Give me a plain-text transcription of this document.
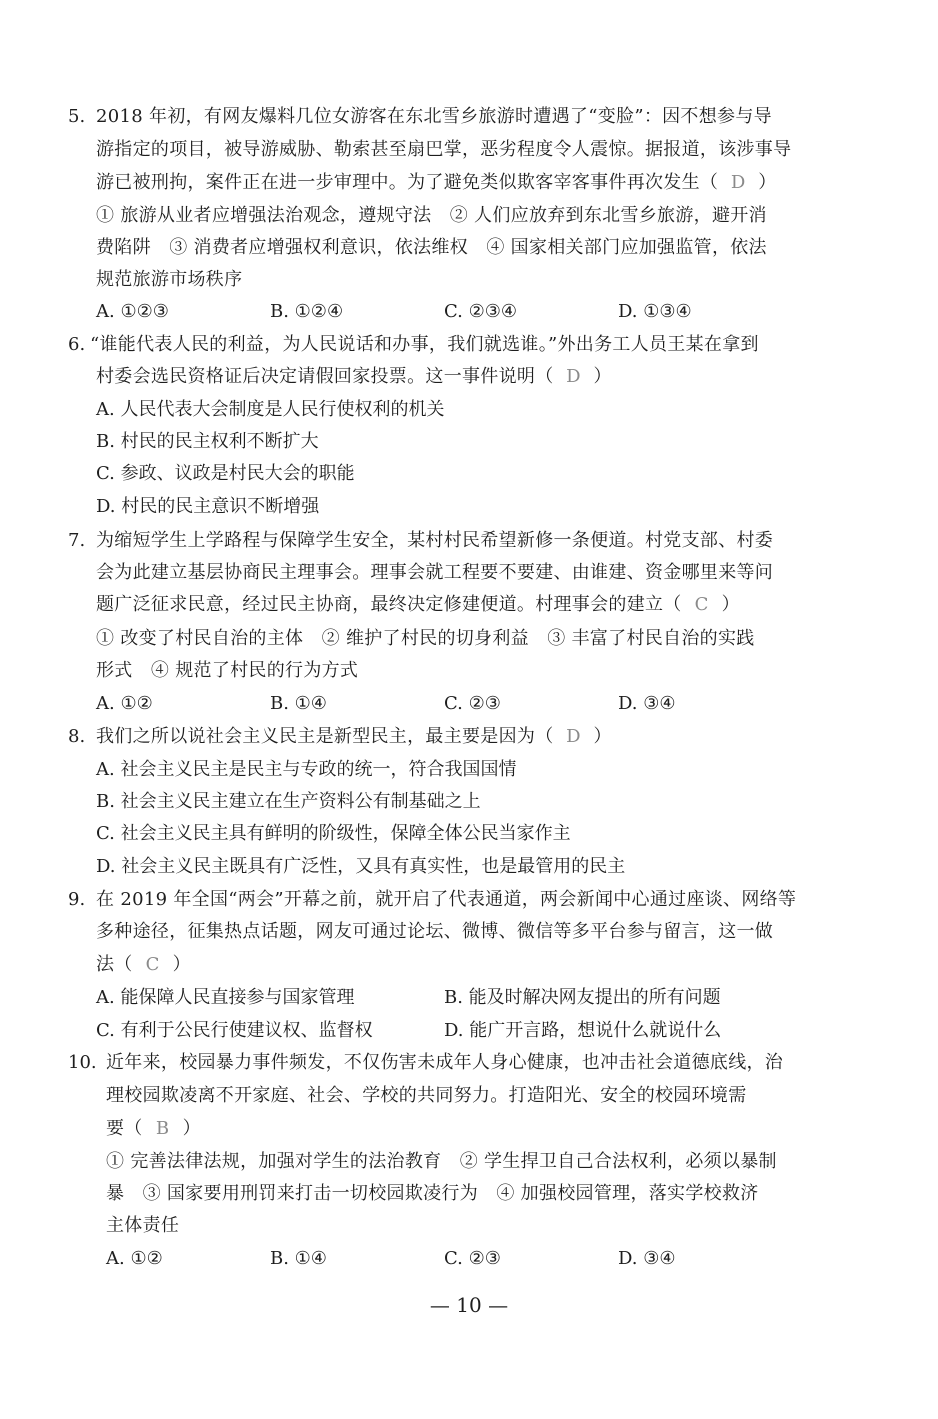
5. 2018 年初，有网友爆料几位女游客在东北雪乡旅游时遭遇了“变脸”：因不想参与导
游指定的项目，被导游威胁、勒索甚至扇巴掌，恶劣程度令人震惊。据报道，该涉事导
游已被刑拘，案件正在进一步审理中。为了避免类似欺客宰客事件再次发生（ D ）
① 旅游从业者应增强法治观念，遵规守法　② 人们应放弃到东北雪乡旅游，避开消
费陷阱　③ 消费者应增强权利意识，依法维权　④ 国家相关部门应加强监管，依法
规范旅游市场秩序
A. ①②③	B. ①②④	C. ②③④	D. ①③④
6. “谁能代表人民的利益，为人民说话和办事，我们就选谁。”外出务工人员王某在拿到
村委会选民资格证后决定请假回家投票。这一事件说明（ D ）
A. 人民代表大会制度是人民行使权利的机关
B. 村民的民主权利不断扩大
C. 参政、议政是村民大会的职能
D. 村民的民主意识不断增强
7. 为缩短学生上学路程与保障学生安全，某村村民希望新修一条便道。村党支部、村委
会为此建立基层协商民主理事会。理事会就工程要不要建、由谁建、资金哪里来等问
题广泛征求民意，经过民主协商，最终决定修建便道。村理事会的建立（ C ）
① 改变了村民自治的主体　② 维护了村民的切身利益　③ 丰富了村民自治的实践
形式　④ 规范了村民的行为方式
A. ①②	B. ①④	C. ②③	D. ③④
8. 我们之所以说社会主义民主是新型民主，最主要是因为（ D ）
A. 社会主义民主是民主与专政的统一，符合我国国情
B. 社会主义民主建立在生产资料公有制基础之上
C. 社会主义民主具有鲜明的阶级性，保障全体公民当家作主
D. 社会主义民主既具有广泛性，又具有真实性，也是最管用的民主
9. 在 2019 年全国“两会”开幕之前，就开启了代表通道，两会新闻中心通过座谈、网络等
多种途径，征集热点话题，网友可通过论坛、微博、微信等多平台参与留言，这一做
法（ C ）
A. 能保障人民直接参与国家管理	B. 能及时解决网友提出的所有问题
C. 有利于公民行使建议权、监督权	D. 能广开言路，想说什么就说什么
10. 近年来，校园暴力事件频发，不仅伤害未成年人身心健康，也冲击社会道德底线，治
理校园欺凌离不开家庭、社会、学校的共同努力。打造阳光、安全的校园环境需
要（ B ）
① 完善法律法规，加强对学生的法治教育　② 学生捍卫自己合法权利，必须以暴制
暴　③ 国家要用刑罚来打击一切校园欺凌行为　④ 加强校园管理，落实学校救济
主体责任
A. ①②	B. ①④	C. ②③	D. ③④
— 10 —
